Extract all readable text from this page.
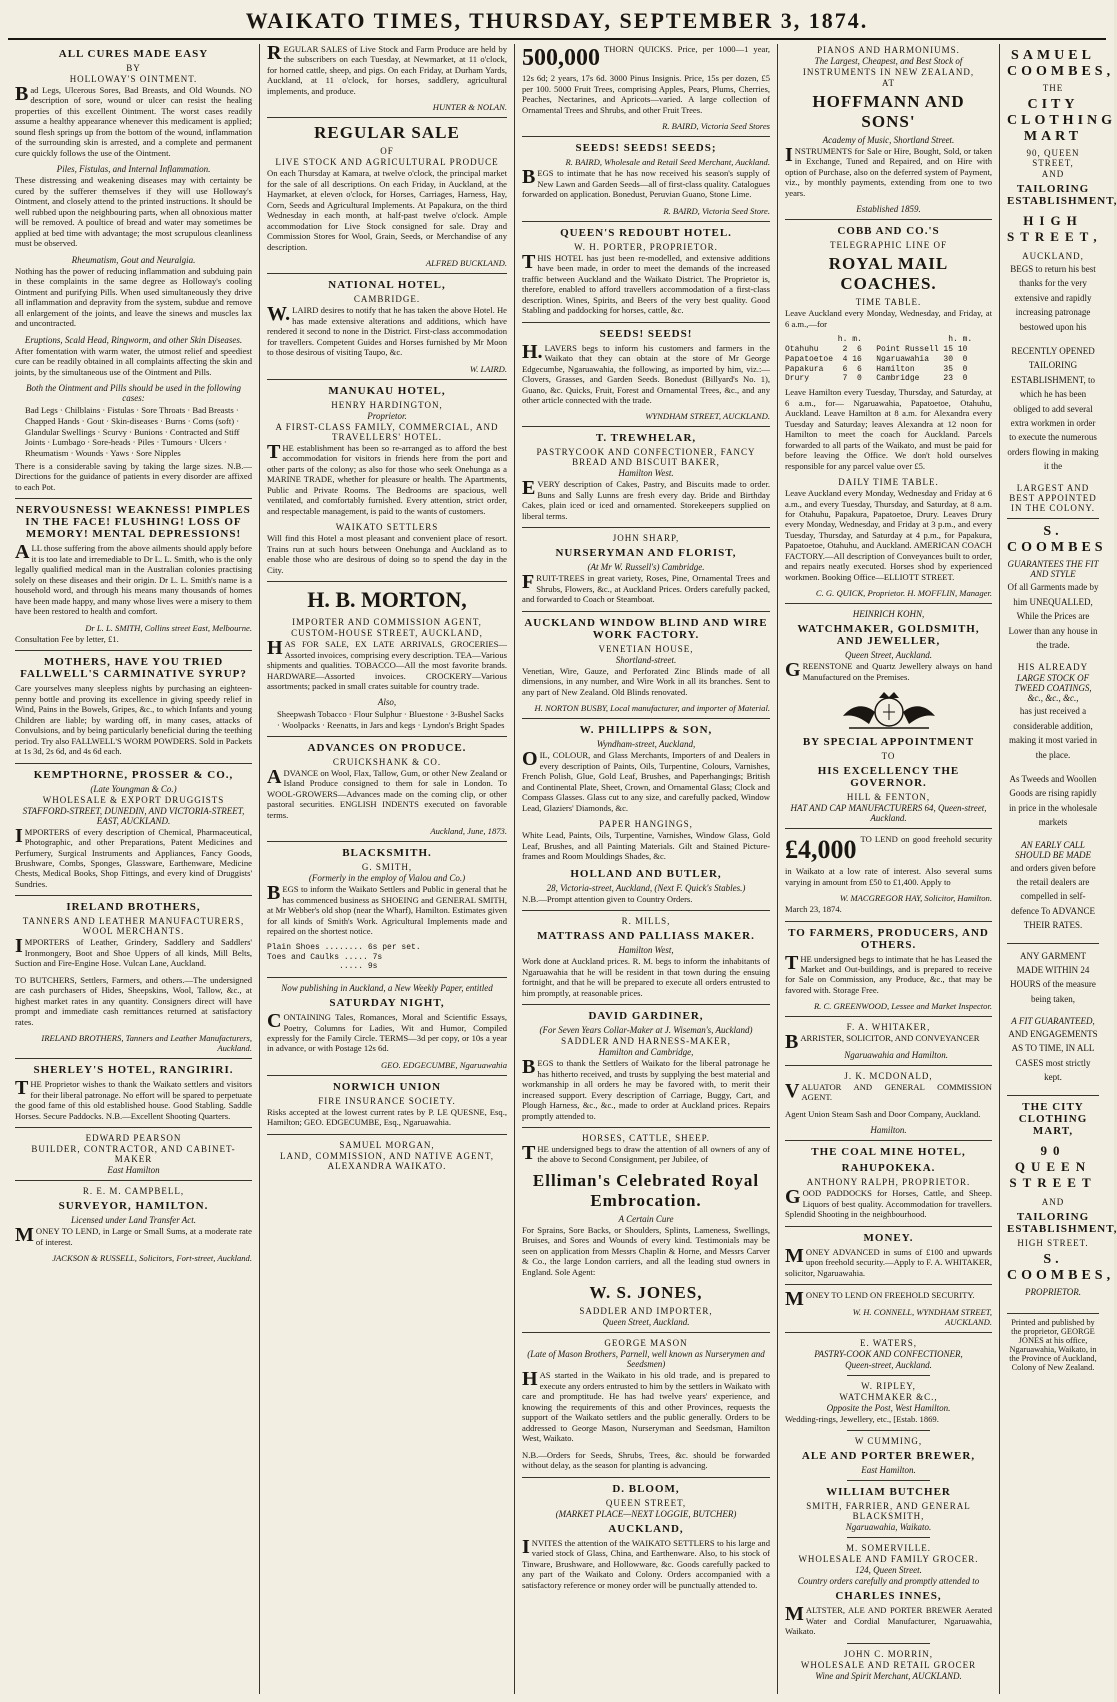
WAIKATO TIMES, THURSDAY, SEPTEMBER 3, 1874.
ALL CURES MADE EASY
BY
HOLLOWAY'S OINTMENT.
Bad Legs, Ulcerous Sores, Bad Breasts, and Old Wounds. NO description of sore, wound or ulcer can resist the healing properties of this excellent Ointment. The worst cases readily assume a healthy appearance whenever this medicament is applied; sound flesh springs up from the bottom of the wound, inflammation of the surrounding skin is arrested, and a complete and permanent cure quickly follows the use of the Ointment.
Piles, Fistulas, and Internal Inflammation.
These distressing and weakening diseases may with certainty be cured by the sufferer themselves if they will use Holloway's Ointment, and closely attend to the printed instructions. It should be well rubbed upon the neighbouring parts, when all obnoxious matter will be removed. A poultice of bread and water may sometimes be applied at bed time with advantage; the most scrupulous cleanliness must be observed.
Rheumatism, Gout and Neuralgia.
Nothing has the power of reducing inflammation and subduing pain in these complaints in the same degree as Holloway's cooling Ointment and purifying Pills. When used simultaneously they drive all inflammation and depravity from the system, subdue and remove all enlargement of the joints, and leave the sinews and muscles lax and uncontracted.
Eruptions, Scald Head, Ringworm, and other Skin Diseases.
After fomentation with warm water, the utmost relief and speediest cure can be readily obtained in all complaints affecting the skin and joints, by the simultaneous use of the Ointment and Pills.
Both the Ointment and Pills should be used in the following cases:
Bad Legs · Chilblains · Fistulas · Sore Throats · Bad Breasts · Chapped Hands · Gout · Skin-diseases · Burns · Corns (soft) · Glandular Swellings · Scurvy · Bunions · Contracted and Stiff Joints · Lumbago · Sore-heads · Piles · Tumours · Ulcers · Rheumatism · Wounds · Yaws · Sore Nipples
There is a considerable saving by taking the large sizes. N.B.—Directions for the guidance of patients in every disorder are affixed to each Pot.
NERVOUSNESS! WEAKNESS! PIMPLES IN THE FACE! FLUSHING! LOSS OF MEMORY! MENTAL DEPRESSIONS!
ALL those suffering from the above ailments should apply before it is too late and irremediable to Dr L. L. Smith, who is the only legally qualified medical man in the Australian colonies practising solely on these diseases and their origin. Dr L. L. Smith's name is a household word, and through his means many thousands of homes have been made happy, and many whose lives were a misery to them have been restored to health and comfort.
Dr L. L. SMITH, Collins street East, Melbourne.
Consultation Fee by letter, £1.
MOTHERS, HAVE YOU TRIED FALLWELL'S CARMINATIVE SYRUP?
Care yourselves many sleepless nights by purchasing an eighteen-penny bottle and proving its excellence in giving speedy relief in Wind, Pains in the Bowels, Gripes, &c., to which Infants and young Children are liable; by warding off, in many cases, attacks of Convulsions, and by being particularly beneficial during the teething period. Try also FALLWELL'S WORM POWDERS. Sold in Packets at 1s 3d, 2s 6d, and 4s 6d each.
KEMPTHORNE, PROSSER & CO.,
(Late Youngman & Co.)
WHOLESALE & EXPORT DRUGGISTS
STAFFORD-STREET, DUNEDIN, AND VICTORIA-STREET, EAST, AUCKLAND.
IMPORTERS of every description of Chemical, Pharmaceutical, Photographic, and other Preparations, Patent Medicines and Perfumery, Surgical Instruments and Appliances, Fancy Goods, Brushware, Combs, Sponges, Glassware, Earthenware, Medicine Chests, Medical Books, Shop Fittings, and every kind of Druggists' Sundries.
IRELAND BROTHERS,
TANNERS AND LEATHER MANUFACTURERS, WOOL MERCHANTS.
IMPORTERS of Leather, Grindery, Saddlery and Saddlers' Ironmongery, Boot and Shoe Uppers of all kinds, Mill Belts, Suction and Fire-Engine Hose. Vulcan Lane, Auckland.
TO BUTCHERS, Settlers, Farmers, and others.—The undersigned are cash purchasers of Hides, Sheepskins, Wool, Tallow, &c., at highest market rates in any quantity. Consigners direct will have prompt and immediate cash remittances returned at satisfactory rates.
IRELAND BROTHERS, Tanners and Leather Manufacturers, Auckland.
SHERLEY'S HOTEL, RANGIRIRI.
THE Proprietor wishes to thank the Waikato settlers and visitors for their liberal patronage. No effort will be spared to perpetuate the good fame of this old established house. Good Stabling. Saddle Horses. Secure Paddocks. N.B.—Excellent Shooting Quarters.
EDWARD PEARSON
BUILDER, CONTRACTOR, AND CABINET-MAKER
East Hamilton
R. E. M. CAMPBELL,
SURVEYOR, HAMILTON.
Licensed under Land Transfer Act.
MONEY TO LEND, in Large or Small Sums, at a moderate rate of interest.
JACKSON & RUSSELL, Solicitors, Fort-street, Auckland.
REGULAR SALES of Live Stock and Farm Produce are held by the subscribers on each Tuesday, at Newmarket, at 11 o'clock, for horned cattle, sheep, and pigs. On each Friday, at Durham Yards, Auckland, at 11 o'clock, for horses, saddlery, agricultural implements, and produce.
HUNTER & NOLAN.
REGULAR SALE
OF
LIVE STOCK AND AGRICULTURAL PRODUCE
On each Thursday at Kamara, at twelve o'clock, the principal market for the sale of all descriptions. On each Friday, in Auckland, at the Haymarket, at eleven o'clock, for Horses, Carriages, Harness, Hay, Corn, Seeds and Agricultural Implements. At Papakura, on the third Wednesday in each month, at half-past twelve o'clock. Ample accommodation for Live Stock consigned for sale. Dray and Commission Stores for Wool, Grain, Seeds, or Merchandise of any description.
ALFRED BUCKLAND.
NATIONAL HOTEL,
CAMBRIDGE.
W.LAIRD desires to notify that he has taken the above Hotel. He has made extensive alterations and additions, which have rendered it second to none in the District. First-class accommodation for travellers. Competent Guides and Horses furnished by Mr Moon to those desirous of visiting Taupo, &c.
W. LAIRD.
MANUKAU HOTEL,
HENRY HARDINGTON,
Proprietor.
A FIRST-CLASS FAMILY, COMMERCIAL, AND TRAVELLERS' HOTEL.
THE establishment has been so re-arranged as to afford the best accommodation for visitors in friends here from the port and other parts of the colony; as also for those who seek Onehunga as a MARINE TRADE, whether for pleasure or health. The Apartments, Public and Private Rooms. The Bedrooms are spacious, well ventilated, and comfortably furnished. Every attention, strict order, and respectable management, is paid to the wants of customers.
WAIKATO SETTLERS
Will find this Hotel a most pleasant and convenient place of resort. Trains run at such hours between Onehunga and Auckland as to enable those who are desirous of doing so to spend the day in the City.
H. B. MORTON,
IMPORTER AND COMMISSION AGENT,
CUSTOM-HOUSE STREET, AUCKLAND,
HAS FOR SALE, EX LATE ARRIVALS, GROCERIES—Assorted invoices, comprising every description. TEA—Various shipments and qualities. TOBACCO—All the most favorite brands. HARDWARE—Assorted invoices. CROCKERY—Various assortments; packed in small crates suitable for country trade.
Also,
Sheepwash Tobacco · Flour Sulphur · Bluestone · 3-Bushel Sacks · Woolpacks · Reenatts, in Jars and kegs · Lyndon's Bright Spades
ADVANCES ON PRODUCE.
CRUICKSHANK & CO.
ADVANCE on Wool, Flax, Tallow, Gum, or other New Zealand or Island Produce consigned to them for sale in London. To WOOL-GROWERS—Advances made on the coming clip, or other pastoral securities. ENGLISH INDENTS executed on favorable terms.
Auckland, June, 1873.
BLACKSMITH.
G. SMITH,
(Formerly in the employ of Vialou and Co.)
BEGS to inform the Waikato Settlers and Public in general that he has commenced business as SHOEING and GENERAL SMITH, at Mr Webber's old shop (near the Wharf), Hamilton. Estimates given for all kinds of Smith's Work. Agricultural Implements made and repaired on the shortest notice.
Plain Shoes ........ 6s per set.
Toes and Caulks ..... 7s
..... 9s
Now publishing in Auckland, a New Weekly Paper, entitled
SATURDAY NIGHT,
CONTAINING Tales, Romances, Moral and Scientific Essays, Poetry, Columns for Ladies, Wit and Humor, Compiled expressly for the Family Circle. TERMS—3d per copy, or 10s a year in advance, or with Postage 12s 6d.
GEO. EDGECUMBE, Ngaruawahia
NORWICH UNION
FIRE INSURANCE SOCIETY.
Risks accepted at the lowest current rates by P. LE QUESNE, Esq., Hamilton; GEO. EDGECUMBE, Esq., Ngaruawahia.
SAMUEL MORGAN,
LAND, COMMISSION, AND NATIVE AGENT, ALEXANDRA WAIKATO.
500,000 THORN QUICKS. Price, per 1000—1 year, 12s 6d; 2 years, 17s 6d. 3000 Pinus Insignis. Price, 15s per dozen, £5 per 100. 5000 Fruit Trees, comprising Apples, Pears, Plums, Cherries, Peaches, Nectarines, and Apricots—varied. A large collection of Ornamental Trees and Shrubs, and other Fruit Trees.
R. BAIRD, Victoria Seed Stores
SEEDS! SEEDS! SEEDS;
R. BAIRD, Wholesale and Retail Seed Merchant, Auckland.
BEGS to intimate that he has now received his season's supply of New Lawn and Garden Seeds—all of first-class quality. Catalogues forwarded on application. Bonedust, Peruvian Guano, Stone Lime.
R. BAIRD, Victoria Seed Store.
QUEEN'S REDOUBT HOTEL.
W. H. PORTER, PROPRIETOR.
THIS HOTEL has just been re-modelled, and extensive additions have been made, in order to meet the demands of the increased traffic between Auckland and the Waikato District. The Proprietor is, therefore, enabled to afford travellers accommodation of a first-class description. Wines, Spirits, and Beers of the very best quality. Good Stabling and paddocking for horses, cattle, &c.
SEEDS! SEEDS!
H.LAVERS begs to inform his customers and farmers in the Waikato that they can obtain at the store of Mr George Edgecumbe, Ngaruawahia, the following, as imported by him, viz.:— Clovers, Grasses, and Garden Seeds. Bonedust (Billyard's No. 1), Guano, &c. Quicks, Fruit, Forest and Ornamental Trees, &c., and any other article connected with the trade.
WYNDHAM STREET, AUCKLAND.
T. TREWHELAR,
PASTRYCOOK AND CONFECTIONER, FANCY BREAD AND BISCUIT BAKER,
Hamilton West.
EVERY description of Cakes, Pastry, and Biscuits made to order. Buns and Sally Lunns are fresh every day. Bride and Birthday Cakes, plain iced or iced and ornamented. Storekeepers supplied on liberal terms.
JOHN SHARP,
NURSERYMAN AND FLORIST,
(At Mr W. Russell's) Cambridge.
FRUIT-TREES in great variety, Roses, Pine, Ornamental Trees and Shrubs, Flowers, &c., at Auckland Prices. Orders carefully packed, and forwarded to Coach or Steamboat.
AUCKLAND WINDOW BLIND AND WIRE WORK FACTORY.
VENETIAN HOUSE,
Shortland-street.
Venetian, Wire, Gauze, and Perforated Zinc Blinds made of all dimensions, in any number, and Wire Work in all its branches. Sent to any part of New Zealand. Old Blinds renovated.
H. NORTON BUSBY, Local manufacturer, and importer of Material.
W. PHILLIPPS & SON,
Wyndham-street, Auckland,
OIL, COLOUR, and Glass Merchants, Importers of and Dealers in every description of Paints, Oils, Turpentine, Colours, Varnishes, French Polish, Glue, Gold Leaf, Brushes, and Paperhangings; British and Continental Plate, Sheet, Crown, and Ornamental Glass; Clock and Compass Glasses. Glass cut to any size, and carefully packed, Window Lead, Glaziers' Diamonds, &c.
PAPER HANGINGS,
White Lead, Paints, Oils, Turpentine, Varnishes, Window Glass, Gold Leaf, Brushes, and all Painting Materials. Gilt and Stained Picture-frames and Room Mouldings Shades, &c.
HOLLAND AND BUTLER,
28, Victoria-street, Auckland, (Next F. Quick's Stables.)
N.B.—Prompt attention given to Country Orders.
R. MILLS,
MATTRASS AND PALLIASS MAKER.
Hamilton West,
Work done at Auckland prices. R. M. begs to inform the inhabitants of Ngaruawahia that he will be resident in that town during the ensuing fortnight, and that he will be prepared to execute all orders entrusted to him promptly, at reasonable prices.
DAVID GARDINER,
(For Seven Years Collar-Maker at J. Wiseman's, Auckland)
SADDLER AND HARNESS-MAKER,
Hamilton and Cambridge,
BEGS to thank the Settlers of Waikato for the liberal patronage he has hitherto received, and trusts by supplying the best material and workmanship in all orders he may be favored with, to merit their increased support. Every description of Carriage, Buggy, Cart, and Plough Harness, &c., &c., made to order at Auckland prices. Repairs promptly attended to.
HORSES, CATTLE, SHEEP.
THE undersigned begs to draw the attention of all owners of any of the above to Second Consignment, per Jubilee, of
Elliman's Celebrated Royal Embrocation.
A Certain Cure
For Sprains, Sore Backs, or Shoulders, Splints, Lameness, Swellings, Bruises, and Sores and Wounds of every kind. Testimonials may be seen on application from Messrs Chaplin & Horne, and Messrs Carver & Co., the large London carriers, and all the leading stud owners in England. Sole Agent:
W. S. JONES,
SADDLER AND IMPORTER,
Queen Street, Auckland.
GEORGE MASON
(Late of Mason Brothers, Parnell, well known as Nurserymen and Seedsmen)
HAS started in the Waikato in his old trade, and is prepared to execute any orders entrusted to him by the settlers in Waikato with care and promptitude. He has had twelve years' experience, and knowing the requirements of this and other Provinces, requests the support of the Waikato settlers and the public generally. Orders to be addressed to George Mason, Nurseryman and Seedsman, Hamilton West, Waikato.
N.B.—Orders for Seeds, Shrubs, Trees, &c. should be forwarded without delay, as the season for planting is advancing.
D. BLOOM,
QUEEN STREET,
(MARKET PLACE—NEXT LOGGIE, BUTCHER)
AUCKLAND,
INVITES the attention of the WAIKATO SETTLERS to his large and varied stock of Glass, China, and Earthenware. Also, to his stock of Tinware, Brushware, and Hollowware, &c. Goods carefully packed to any part of the Waikato and Colony. Orders accompanied with a satisfactory reference or money order will be punctually attended to.
PIANOS AND HARMONIUMS.
The Largest, Cheapest, and Best Stock of
INSTRUMENTS IN NEW ZEALAND,
AT
HOFFMANN AND SONS'
Academy of Music, Shortland Street.
INSTRUMENTS for Sale or Hire, Bought, Sold, or taken in Exchange, Tuned and Repaired, and on Hire with option of Purchase, also on the deferred system of Payment, viz., by monthly payments, extending from one to two years.
Established 1859.
COBB AND CO.'S
TELEGRAPHIC LINE OF
ROYAL MAIL COACHES.
TIME TABLE.
Leave Auckland every Monday, Wednesday, and Friday, at 6 a.m.,—for
h. m.                  h. m.
Otahuhu     2  6   Point Russell 15 10
Papatoetoe  4 16   Ngaruawahia   30  0
Papakura    6  6   Hamilton      35  0
Drury       7  0   Cambridge     23  0
Leave Hamilton every Tuesday, Thursday, and Saturday, at 6 a.m., for— Ngaruawahia, Papatoetoe, Otahuhu, Auckland. Leave Hamilton at 8 a.m. for Alexandra every Tuesday and Saturday; leaves Alexandra at 12 noon for Hamilton to meet the coach for Auckland. Parcels forwarded to all parts of the Waikato, and must be paid for before leaving the Office. We don't hold ourselves responsible for any parcel value over £5.
DAILY TIME TABLE.
Leave Auckland every Monday, Wednesday and Friday at 6 a.m., and every Tuesday, Thursday, and Saturday, at 8 a.m. for Otahuhu, Papakura, Papatoetoe, Drury. Leaves Drury every Monday, Wednesday, and Friday at 3 p.m., and every Tuesday, Thursday, and Saturday at 4 p.m., for Papakura, Papatoetoe, Otahuhu, and Auckland. AMERICAN COACH FACTORY.—All description of Conveyances built to order, and repairs neatly executed. Horses shod by experienced workmen. Booking Office—ELLIOTT STREET.
C. G. QUICK, Proprietor. H. MOFFLIN, Manager.
HEINRICH KOHN,
WATCHMAKER, GOLDSMITH, AND JEWELLER,
Queen Street, Auckland.
GREENSTONE and Quartz Jewellery always on hand Manufactured on the Premises.
BY SPECIAL APPOINTMENT
TO
HIS EXCELLENCY THE GOVERNOR.
HILL & FENTON,
HAT AND CAP MANUFACTURERS 64, Queen-street, Auckland.
£4,000 TO LEND on good freehold security in Waikato at a low rate of interest. Also several sums varying in amount from £50 to £1,400. Apply to
W. MACGREGOR HAY, Solicitor, Hamilton.
March 23, 1874.
TO FARMERS, PRODUCERS, AND OTHERS.
THE undersigned begs to intimate that he has Leased the Market and Out-buildings, and is prepared to receive for Sale on Commission, any Produce, &c., that may be favored with. Storage Free.
R. C. GREENWOOD, Lessee and Market Inspector.
F. A. WHITAKER,
BARRISTER, SOLICITOR, AND CONVEYANCER
Ngaruawahia and Hamilton.
J. K. MCDONALD,
VALUATOR AND GENERAL COMMISSION AGENT.
Agent Union Steam Sash and Door Company, Auckland.
Hamilton.
THE COAL MINE HOTEL,
RAHUPOKEKA.
ANTHONY RALPH, PROPRIETOR.
GOOD PADDOCKS for Horses, Cattle, and Sheep. Liquors of best quality. Accommodation for travellers. Splendid Shooting in the neighbourhood.
MONEY.
MONEY ADVANCED in sums of £100 and upwards upon freehold security.—Apply to F. A. WHITAKER, solicitor, Ngaruawahia.
MONEY TO LEND ON FREEHOLD SECURITY.
W. H. CONNELL, WYNDHAM STREET, AUCKLAND.
E. WATERS,
PASTRY-COOK AND CONFECTIONER,
Queen-street, Auckland.
W. RIPLEY,
WATCHMAKER &C.,
Opposite the Post, West Hamilton.
Wedding-rings, Jewellery, etc., [Estab. 1869.
W CUMMING,
ALE AND PORTER BREWER,
East Hamilton.
WILLIAM BUTCHER
SMITH, FARRIER, AND GENERAL BLACKSMITH,
Ngaruawahia, Waikato.
M. SOMERVILLE.
WHOLESALE AND FAMILY GROCER.
124, Queen Street.
Country orders carefully and promptly attended to
CHARLES INNES,
MALTSTER, ALE AND PORTER BREWER Aerated Water and Cordial Manufacturer, Ngaruawahia, Waikato.
JOHN C. MORRIN,
WHOLESALE AND RETAIL GROCER
Wine and Spirit Merchant, AUCKLAND.
SAMUEL COOMBES,
THE
CITY CLOTHING MART
90, QUEEN STREET,
AND
TAILORING ESTABLISHMENT,
HIGH STREET,
AUCKLAND,
BEGS to return his best thanks for the very extensive and rapidly increasing patronage bestowed upon his
RECENTLY OPENED TAILORING ESTABLISHMENT, to which he has been obliged to add several extra workmen in order to execute the numerous orders flowing in making it the
LARGEST AND BEST APPOINTED IN THE COLONY.
S. COOMBES
GUARANTEES THE FIT AND STYLE
Of all Garments made by him UNEQUALLED, While the Prices are Lower than any house in the trade.
HIS ALREADY
LARGE STOCK OF TWEED COATINGS, &c., &c., &c.,
has just received a considerable addition, making it most varied in the place.
As Tweeds and Woollen Goods are rising rapidly in price in the wholesale markets
AN EARLY CALL SHOULD BE MADE
and orders given before the retail dealers are compelled in self-defence To ADVANCE THEIR RATES.
ANY GARMENT MADE WITHIN 24 HOURS of the measure being taken,
A FIT GUARANTEED,
AND ENGAGEMENTS AS TO TIME, IN ALL CASES most strictly kept.
THE CITY CLOTHING MART,
90 QUEEN STREET
AND
TAILORING ESTABLISHMENT,
HIGH STREET.
S. COOMBES,
PROPRIETOR.
Printed and published by the proprietor, GEORGE JONES at his office, Ngaruawahia, Waikato, in the Province of Auckland, Colony of New Zealand.
